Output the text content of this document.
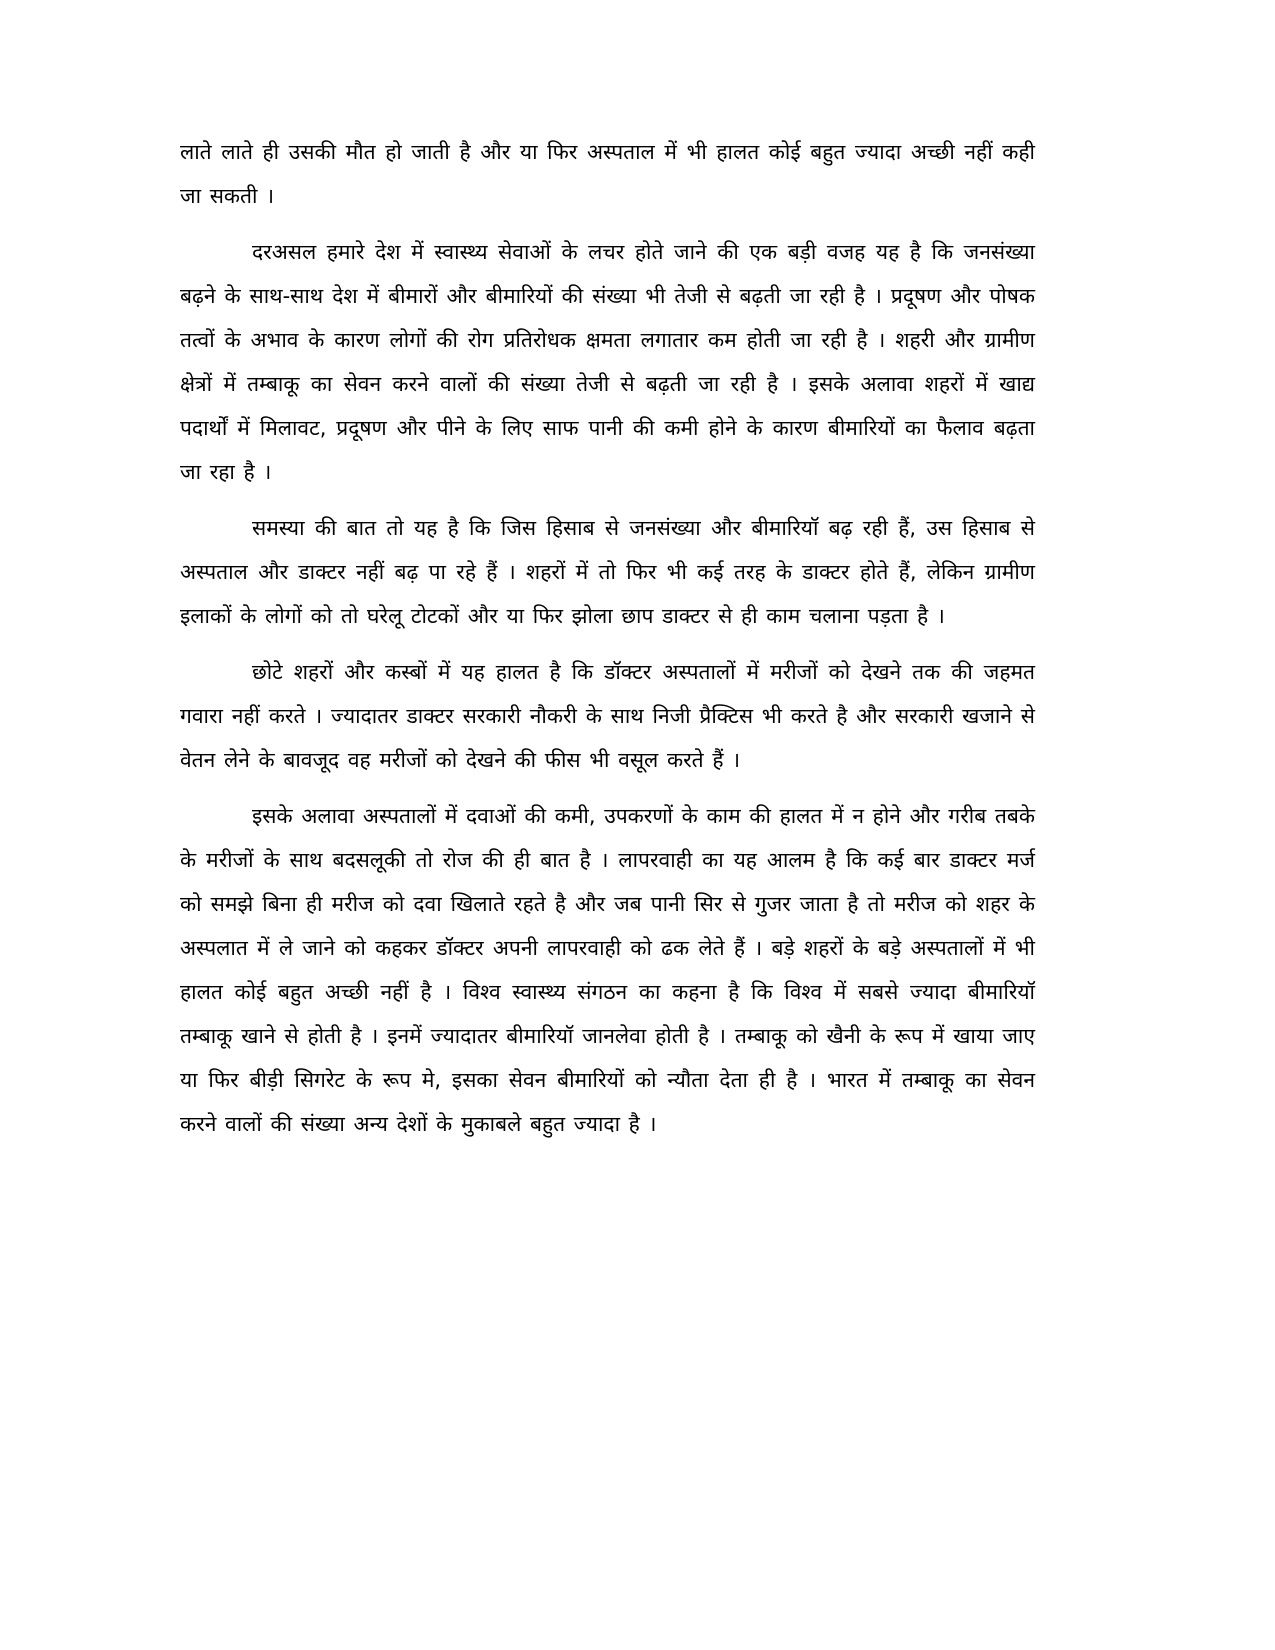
लाते लाते ही उसकी मौत हो जाती है और या फिर अस्पताल में भी हालत कोई बहुत ज्यादा अच्छी नहीं कही जा सकती ।

दरअसल हमारे देश में स्वास्थ्य सेवाओं के लचर होते जाने की एक बड़ी वजह यह है कि जनसंख्या बढ़ने के साथ-साथ देश में बीमारों और बीमारियों की संख्या भी तेजी से बढ़ती जा रही है । प्रदूषण और पोषक तत्वों के अभाव के कारण लोगों की रोग प्रतिरोधक क्षमता लगातार कम होती जा रही है । शहरी और ग्रामीण क्षेत्रों में तम्बाकू का सेवन करने वालों की संख्या तेजी से बढ़ती जा रही है । इसके अलावा शहरों में खाद्य पदार्थों में मिलावट, प्रदूषण और पीने के लिए साफ पानी की कमी होने के कारण बीमारियों का फैलाव बढ़ता जा रहा है ।

समस्या की बात तो यह है कि जिस हिसाब से जनसंख्या और बीमारियॉ बढ़ रही हैं, उस हिसाब से अस्पताल और डाक्टर नहीं बढ़ पा रहे हैं । शहरों में तो फिर भी कई तरह के डाक्टर होते हैं, लेकिन ग्रामीण इलाकों के लोगों को तो घरेलू टोटकों और या फिर झोला छाप डाक्टर से ही काम चलाना पड़ता है ।

छोटे शहरों और कस्बों में यह हालत है कि डॉक्टर अस्पतालों में मरीजों को देखने तक की जहमत गवारा नहीं करते । ज्यादातर डाक्टर सरकारी नौकरी के साथ निजी प्रैक्टिस भी करते है और सरकारी खजाने से वेतन लेने के बावजूद वह मरीजों को देखने की फीस भी वसूल करते हैं ।

इसके अलावा अस्पतालों में दवाओं की कमी, उपकरणों के काम की हालत में न होने और गरीब तबके के मरीजों के साथ बदसलूकी तो रोज की ही बात है । लापरवाही का यह आलम है कि कई बार डाक्टर मर्ज को समझे बिना ही मरीज को दवा खिलाते रहते है और जब पानी सिर से गुजर जाता है तो मरीज को शहर के अस्पलात में ले जाने को कहकर डॉक्टर अपनी लापरवाही को ढक लेते हैं । बड़े शहरों के बड़े अस्पतालों में भी हालत कोई बहुत अच्छी नहीं है । विश्व स्वास्थ्य संगठन का कहना है कि विश्व में सबसे ज्यादा बीमारियॉ तम्बाकू खाने से होती है । इनमें ज्यादातर बीमारियॉ जानलेवा होती है । तम्बाकू को खैनी के रूप में खाया जाए या फिर बीड़ी सिगरेट के रूप मे, इसका सेवन बीमारियों को न्यौता देता ही है । भारत में तम्बाकू का सेवन करने वालों की संख्या अन्य देशों के मुकाबले बहुत ज्यादा है ।
